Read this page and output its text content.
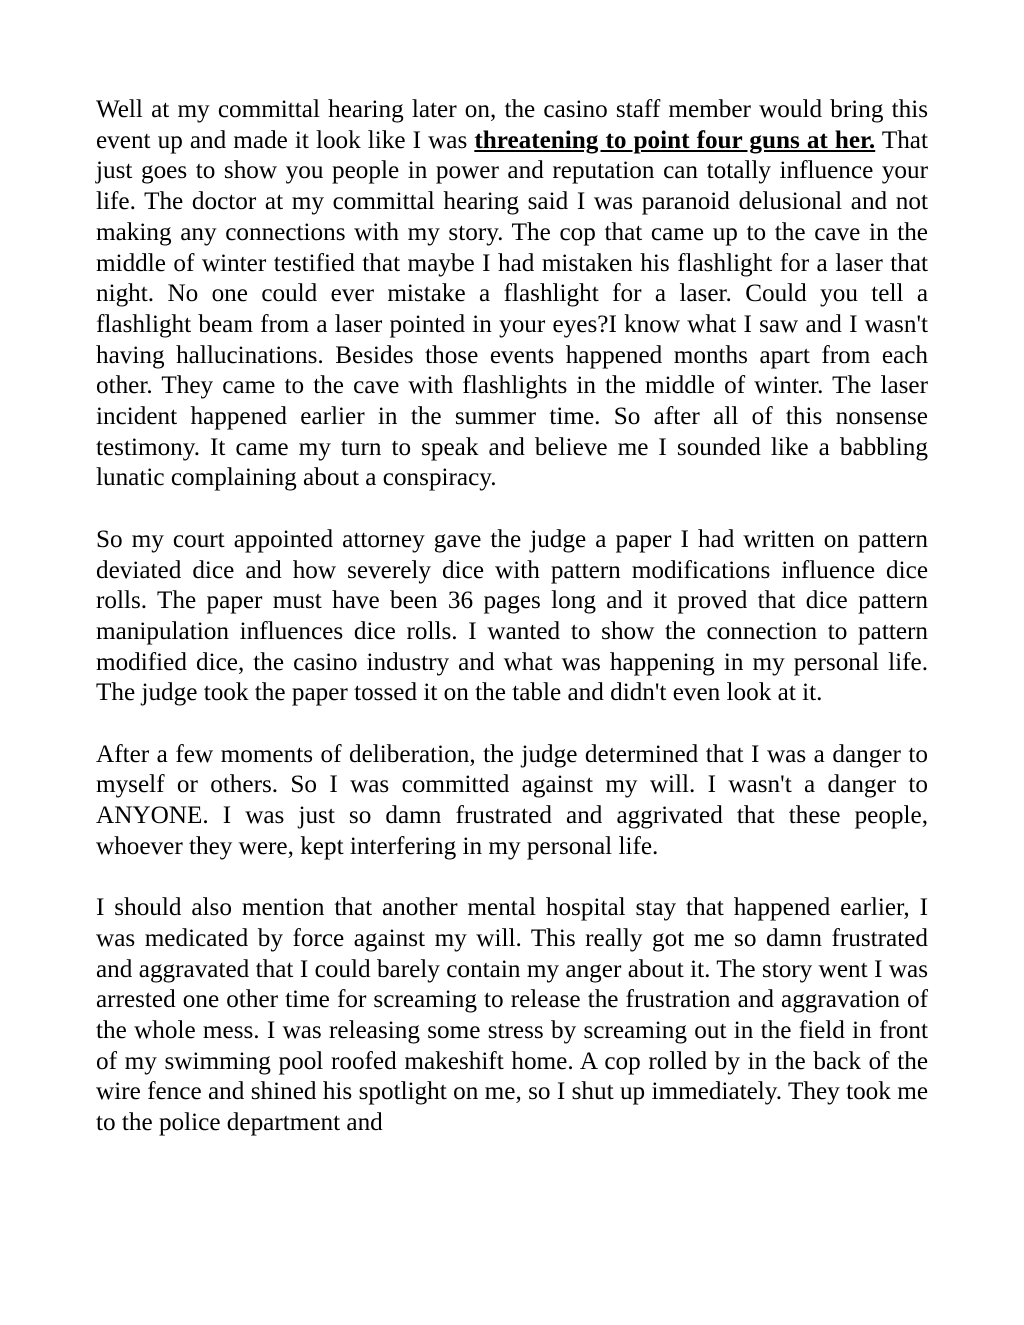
Well at my committal hearing later on, the casino staff member would bring this event up and made it look like I was threatening to point four guns at her. That just goes to show you people in power and reputation can totally influence your life. The doctor at my committal hearing said I was paranoid delusional and not making any connections with my story. The cop that came up to the cave in the middle of winter testified that maybe I had mistaken his flashlight for a laser that night. No one could ever mistake a flashlight for a laser. Could you tell a flashlight beam from a laser pointed in your eyes?I know what I saw and I wasn't having hallucinations. Besides those events happened months apart from each other. They came to the cave with flashlights in the middle of winter. The laser incident happened earlier in the summer time. So after all of this nonsense testimony. It came my turn to speak and believe me I sounded like a babbling lunatic complaining about a conspiracy.

So my court appointed attorney gave the judge a paper I had written on pattern deviated dice and how severely dice with pattern modifications influence dice rolls. The paper must have been 36 pages long and it proved that dice pattern manipulation influences dice rolls. I wanted to show the connection to pattern modified dice, the casino industry and what was happening in my personal life. The judge took the paper tossed it on the table and didn't even look at it.

After a few moments of deliberation, the judge determined that I was a danger to myself or others. So I was committed against my will. I wasn't a danger to ANYONE. I was just so damn frustrated and aggrivated that these people, whoever they were, kept interfering in my personal life.

I should also mention that another mental hospital stay that happened earlier, I was medicated by force against my will. This really got me so damn frustrated and aggravated that I could barely contain my anger about it. The story went I was arrested one other time for screaming to release the frustration and aggravation of the whole mess. I was releasing some stress by screaming out in the field in front of my swimming pool roofed makeshift home. A cop rolled by in the back of the wire fence and shined his spotlight on me, so I shut up immediately. They took me to the police department and
